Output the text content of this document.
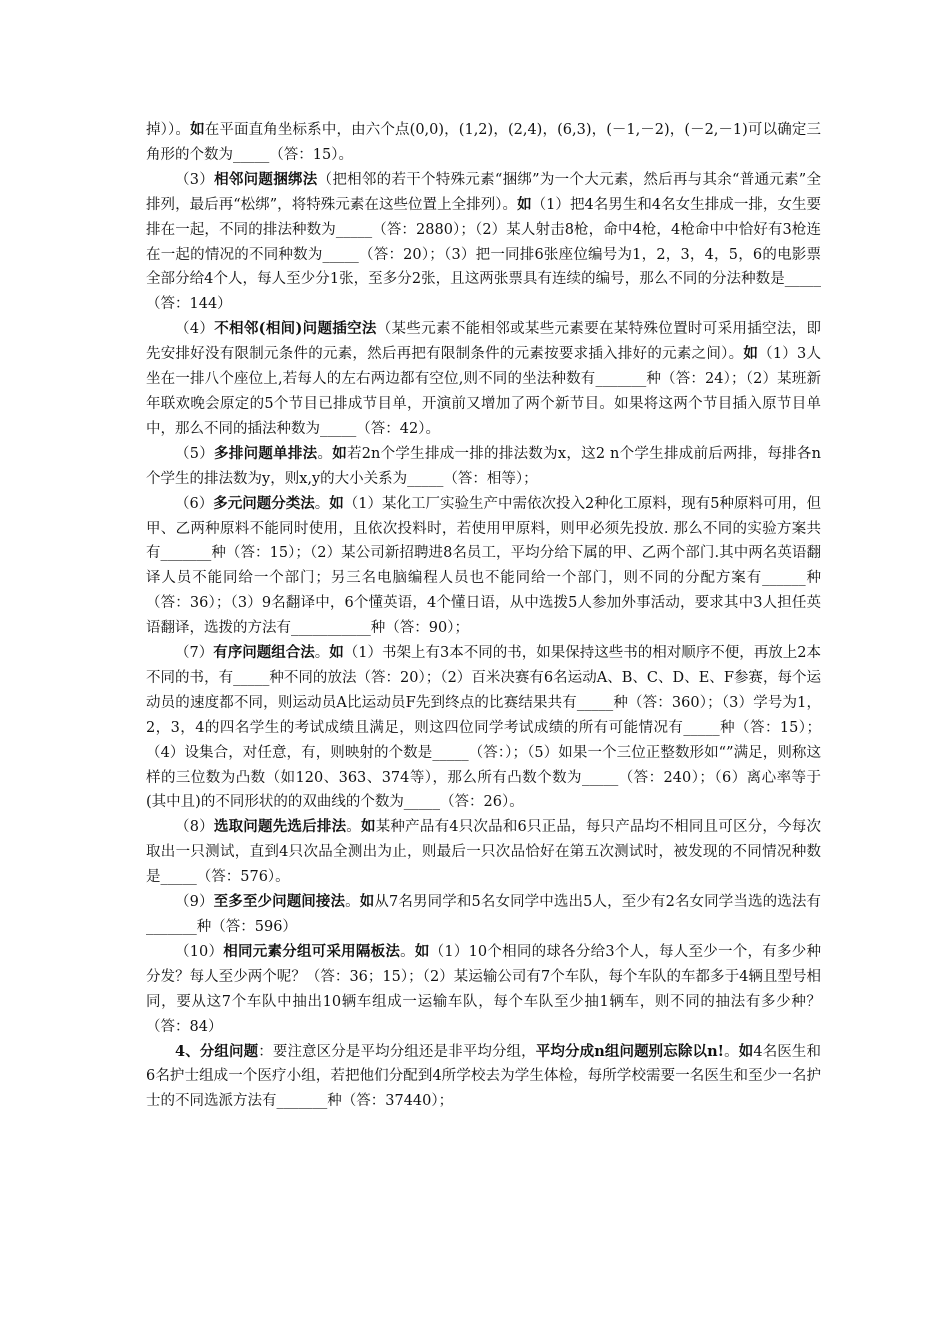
掉））。如在平面直角坐标系中，由六个点(0,0)，(1,2)，(2,4)，(6,3)，(－1,－2)，(－2,－1)可以确定三角形的个数为_____（答：15）。

（3）相邻问题捆绑法（把相邻的若干个特殊元素“捆绑”为一个大元素，然后再与其余“普通元素”全排列，最后再“松绑”，将特殊元素在这些位置上全排列）。如（1）把4名男生和4名女生排成一排，女生要排在一起，不同的排法种数为_____（答：2880）；（2）某人射击8枪，命中4枪，4枪命中中恰好有3枪连在一起的情况的不同种数为_____（答：20）；（3）把一同排6张座位编号为1，2，3，4，5，6的电影票全部分给4个人，每人至少分1张，至多分2张，且这两张票具有连续的编号，那么不同的分法种数是_____（答：144）

（4）不相邻(相间)问题插空法（某些元素不能相邻或某些元素要在某特殊位置时可采用插空法，即先安排好没有限制元条件的元素，然后再把有限制条件的元素按要求插入排好的元素之间）。如（1）3人坐在一排八个座位上,若每人的左右两边都有空位,则不同的坐法种数有_______种（答：24）；（2）某班新年联欢晚会原定的5个节目已排成节目单，开演前又增加了两个新节目。如果将这两个节目插入原节目单中，那么不同的插法种数为_____（答：42）。

（5）多排问题单排法。如若2n个学生排成一排的排法数为x，这2 n个学生排成前后两排，每排各n个学生的排法数为y，则x,y的大小关系为_____（答：相等）；

（6）多元问题分类法。如（1）某化工厂实验生产中需依次投入2种化工原料，现有5种原料可用，但甲、乙两种原料不能同时使用，且依次投料时，若使用甲原料，则甲必须先投放. 那么不同的实验方案共有_______种（答：15）；（2）某公司新招聘进8名员工，平均分给下属的甲、乙两个部门.其中两名英语翻译人员不能同给一个部门；另三名电脑编程人员也不能同给一个部门，则不同的分配方案有______种（答：36）；（3）9名翻译中，6个懂英语，4个懂日语，从中选拨5人参加外事活动，要求其中3人担任英语翻译，选拨的方法有___________种（答：90）；

（7）有序问题组合法。如（1）书架上有3本不同的书，如果保持这些书的相对顺序不便，再放上2本不同的书，有_____种不同的放法（答：20）；（2）百米决赛有6名运动A、B、C、D、E、F参赛，每个运动员的速度都不同，则运动员A比运动员F先到终点的比赛结果共有_____种（答：360）；（3）学号为1，2，3，4的四名学生的考试成绩且满足，则这四位同学考试成绩的所有可能情况有_____种（答：15）；（4）设集合，对任意，有，则映射的个数是_____（答：）；（5）如果一个三位正整数形如“”满足，则称这样的三位数为凸数（如120、363、374等），那么所有凸数个数为_____（答：240）；（6）离心率等于(其中且)的不同形状的的双曲线的个数为_____（答：26）。

（8）选取问题先选后排法。如某种产品有4只次品和6只正品，每只产品均不相同且可区分，今每次取出一只测试，直到4只次品全测出为止，则最后一只次品恰好在第五次测试时，被发现的不同情况种数是_____（答：576）。

（9）至多至少问题间接法。如从7名男同学和5名女同学中选出5人，至少有2名女同学当选的选法有_______种（答：596）

（10）相同元素分组可采用隔板法。如（1）10个相同的球各分给3个人，每人至少一个，有多少种分发？每人至少两个呢？（答：36；15）；（2）某运输公司有7个车队，每个车队的车都多于4辆且型号相同，要从这7个车队中抽出10辆车组成一运输车队，每个车队至少抽1辆车，则不同的抽法有多少种？（答：84）

4、分组问题：要注意区分是平均分组还是非平均分组，平均分成n组问题别忘除以n!。如4名医生和6名护士组成一个医疗小组，若把他们分配到4所学校去为学生体检，每所学校需要一名医生和至少一名护士的不同选派方法有_______种（答：37440）；
